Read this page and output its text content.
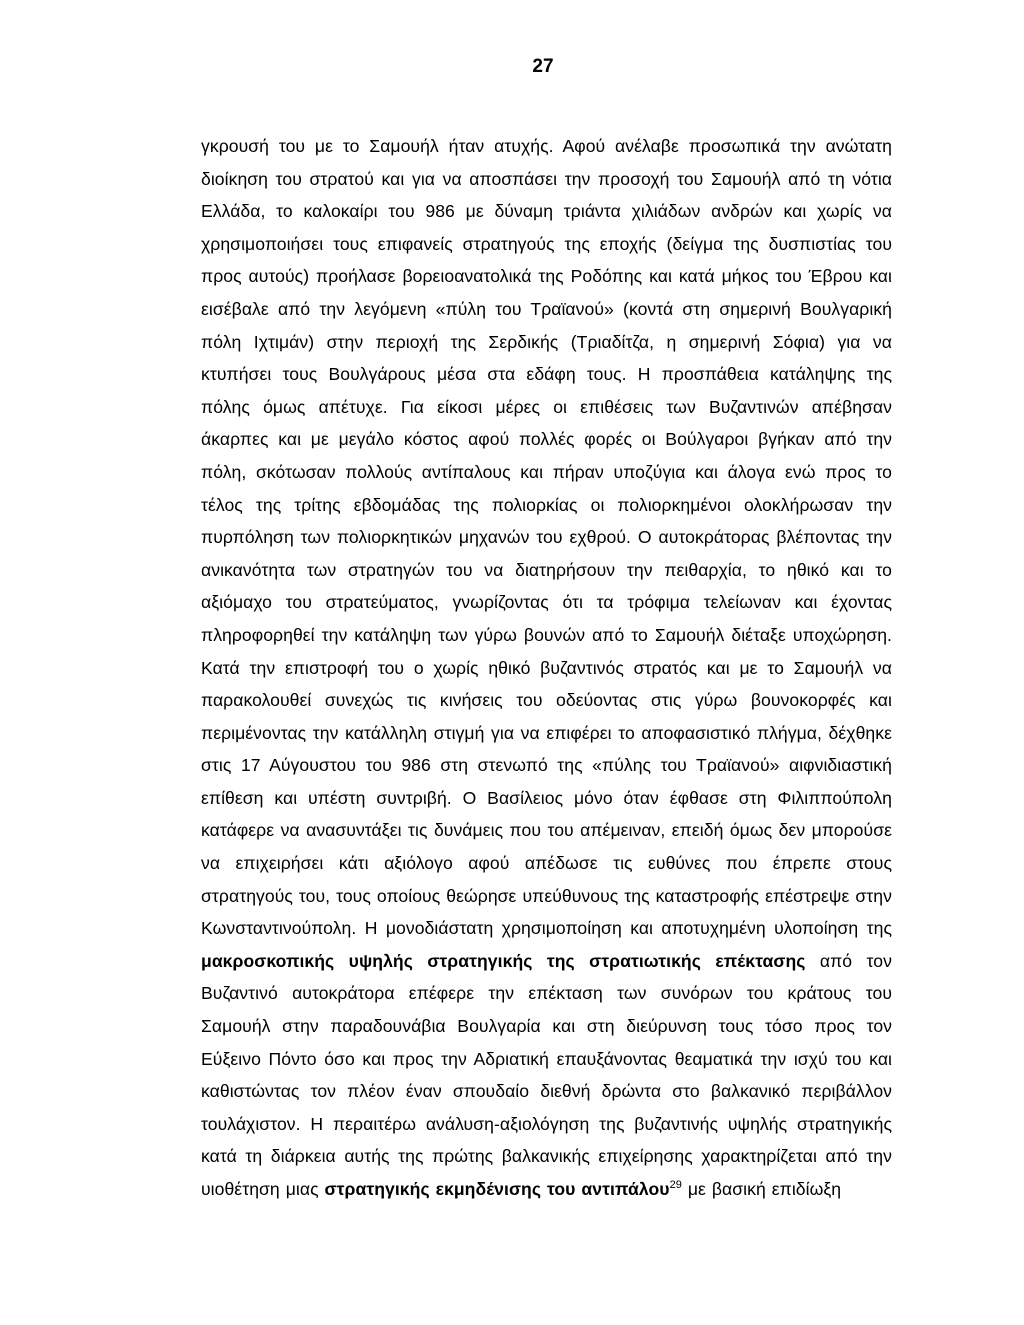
27

γκρουσή του με το Σαμουήλ ήταν ατυχής. Αφού ανέλαβε προσωπικά την ανώτατη διοίκηση του στρατού και για να αποσπάσει την προσοχή του Σαμουήλ από τη νότια Ελλάδα, το καλοκαίρι του 986 με δύναμη τριάντα χιλιάδων ανδρών και χωρίς να χρησιμοποιήσει τους επιφανείς στρατηγούς της εποχής (δείγμα της δυσπιστίας του προς αυτούς) προήλασε βορειοανατολικά της Ροδόπης και κατά μήκος του Έβρου και εισέβαλε από την λεγόμενη «πύλη του Τραϊανού» (κοντά στη σημερινή Βουλγαρική πόλη Ιχτιμάν) στην περιοχή της Σερδικής (Τριαδίτζα, η σημερινή Σόφια) για να κτυπήσει τους Βουλγάρους μέσα στα εδάφη τους. Η προσπάθεια κατάληψης της πόλης όμως απέτυχε. Για είκοσι μέρες οι επιθέσεις των Βυζαντινών απέβησαν άκαρπες και με μεγάλο κόστος αφού πολλές φορές οι Βούλγαροι βγήκαν από την πόλη, σκότωσαν πολλούς αντίπαλους και πήραν υποζύγια και άλογα ενώ προς το τέλος της τρίτης εβδομάδας της πολιορκίας οι πολιορκημένοι ολοκλήρωσαν την πυρπόληση των πολιορκητικών μηχανών του εχθρού. Ο αυτοκράτορας βλέποντας την ανικανότητα των στρατηγών του να διατηρήσουν την πειθαρχία, το ηθικό και το αξιόμαχο του στρατεύματος, γνωρίζοντας ότι τα τρόφιμα τελείωναν και έχοντας πληροφορηθεί την κατάληψη των γύρω βουνών από το Σαμουήλ διέταξε υποχώρηση. Κατά την επιστροφή του ο χωρίς ηθικό βυζαντινός στρατός και με το Σαμουήλ να παρακολουθεί συνεχώς τις κινήσεις του οδεύοντας στις γύρω βουνοκορφές και περιμένοντας την κατάλληλη στιγμή για να επιφέρει το αποφασιστικό πλήγμα, δέχθηκε στις 17 Αύγουστου του 986 στη στενωπό της «πύλης του Τραϊανού» αιφνιδιαστική επίθεση και υπέστη συντριβή. Ο Βασίλειος μόνο όταν έφθασε στη Φιλιππούπολη κατάφερε να ανασυντάξει τις δυνάμεις που του απέμειναν, επειδή όμως δεν μπορούσε να επιχειρήσει κάτι αξιόλογο αφού απέδωσε τις ευθύνες που έπρεπε στους στρατηγούς του, τους οποίους θεώρησε υπεύθυνους της καταστροφής επέστρεψε στην Κωνσταντινούπολη. Η μονοδιάστατη χρησιμοποίηση και αποτυχημένη υλοποίηση της μακροσκοπικής υψηλής στρατηγικής της στρατιωτικής επέκτασης από τον Βυζαντινό αυτοκράτορα επέφερε την επέκταση των συνόρων του κράτους του Σαμουήλ στην παραδουνάβια Βουλγαρία και στη διεύρυνση τους τόσο προς τον Εύξεινο Πόντο όσο και προς την Αδριατική επαυξάνοντας θεαματικά την ισχύ του και καθιστώντας τον πλέον έναν σπουδαίο διεθνή δρώντα στο βαλκανικό περιβάλλον τουλάχιστον. Η περαιτέρω ανάλυση-αξιολόγηση της βυζαντινής υψηλής στρατηγικής κατά τη διάρκεια αυτής της πρώτης βαλκανικής επιχείρησης χαρακτηρίζεται από την υιοθέτηση μιας στρατηγικής εκμηδένισης του αντιπάλου$^{29}$ με βασική επιδίωξη
